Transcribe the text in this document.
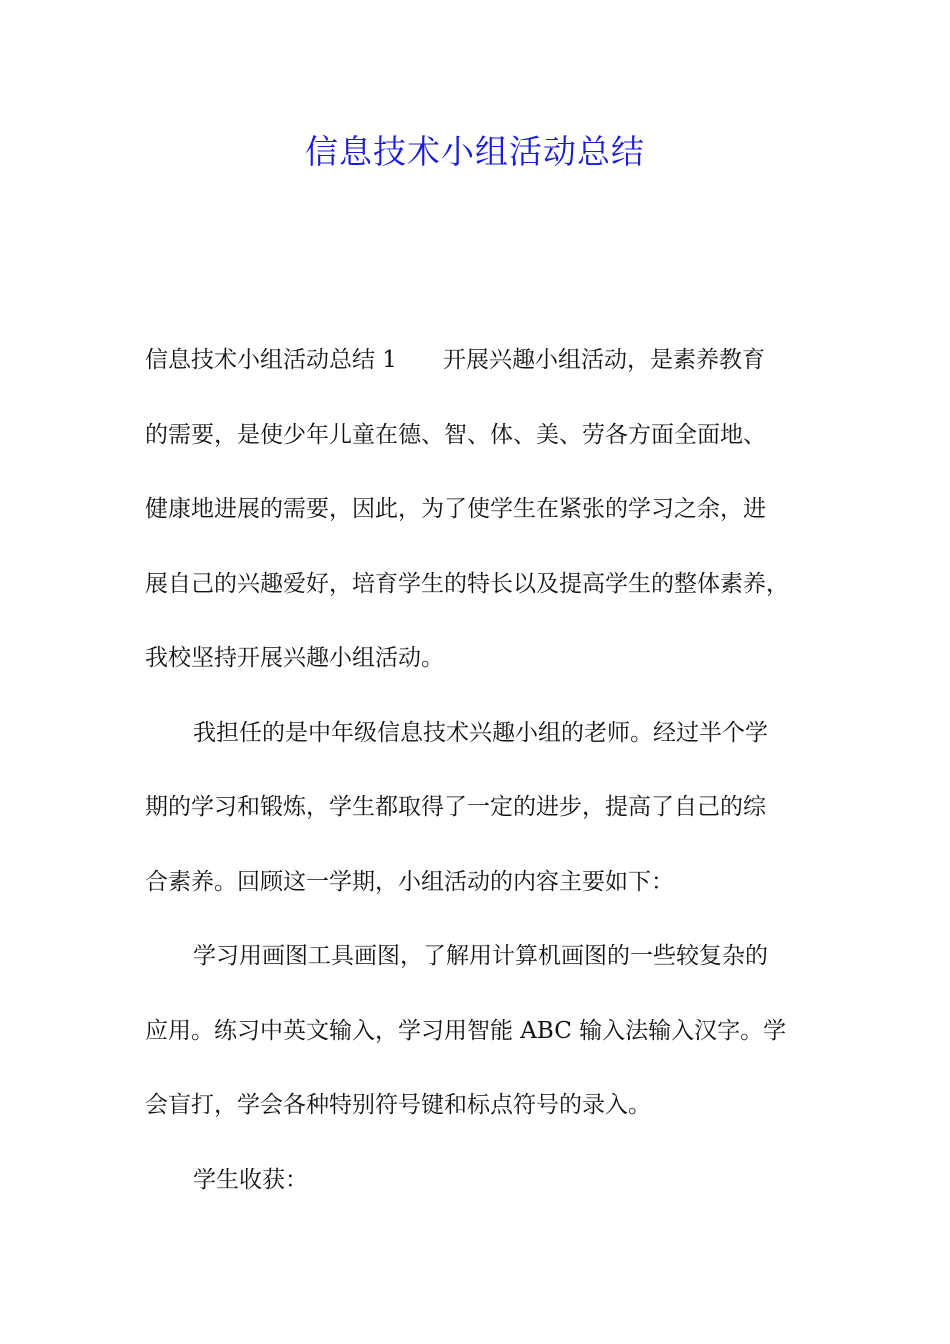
信息技术小组活动总结

信息技术小组活动总结 1 开展兴趣小组活动，是素养教育

的需要，是使少年儿童在德、智、体、美、劳各方面全面地、

健康地进展的需要，因此，为了使学生在紧张的学习之余，进

展自己的兴趣爱好，培育学生的特长以及提高学生的整体素养，

我校坚持开展兴趣小组活动。

我担任的是中年级信息技术兴趣小组的老师。经过半个学

期的学习和锻炼，学生都取得了一定的进步，提高了自己的综

合素养。回顾这一学期，小组活动的内容主要如下：

学习用画图工具画图，了解用计算机画图的一些较复杂的

应用。练习中英文输入，学习用智能 ABC 输入法输入汉字。学

会盲打，学会各种特别符号键和标点符号的录入。

学生收获：
